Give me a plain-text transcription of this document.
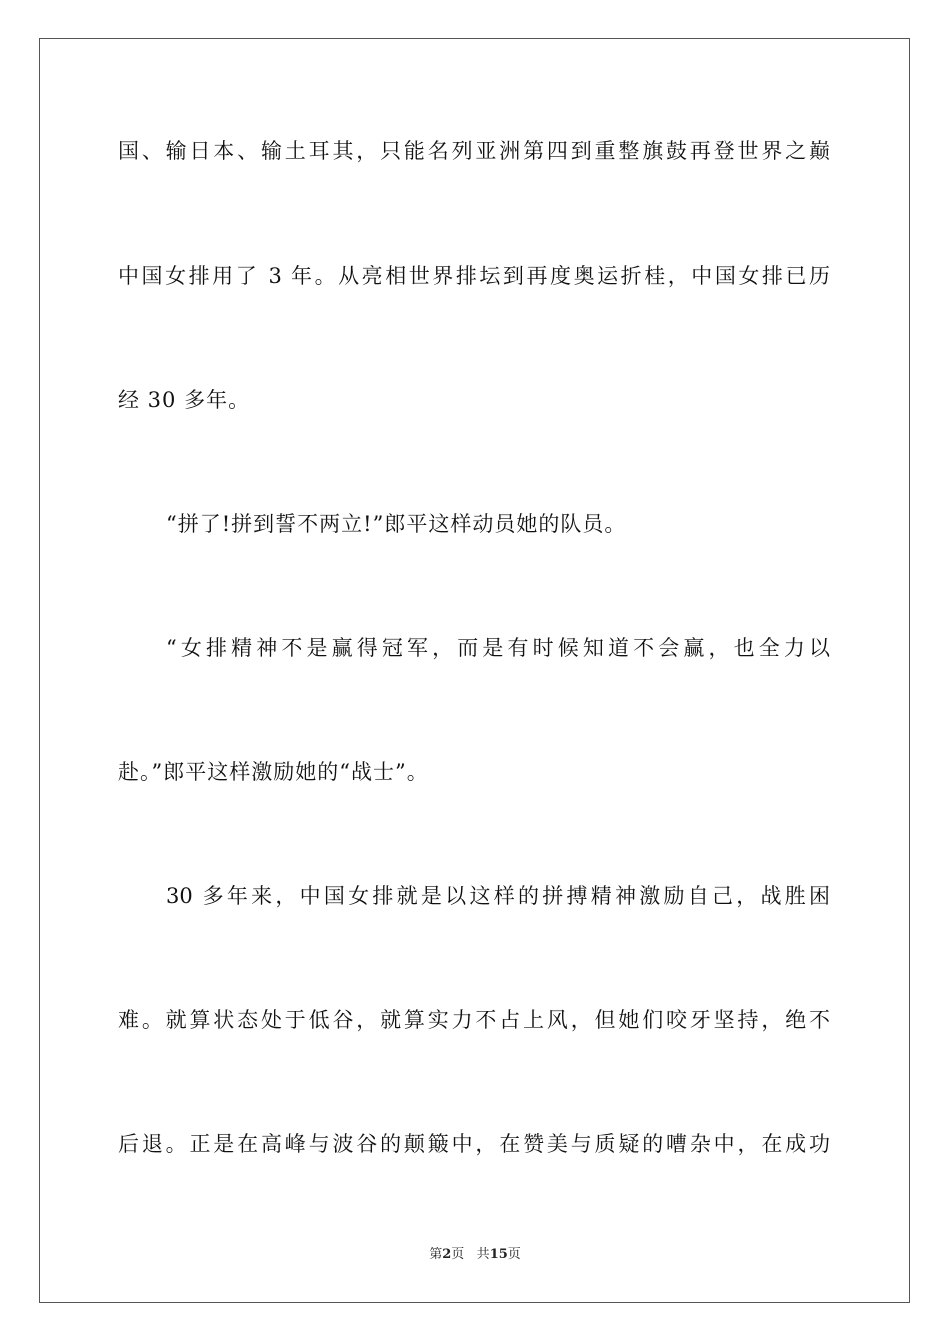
国、输日本、输土耳其，只能名列亚洲第四到重整旗鼓再登世界之巅
中国女排用了 3 年。从亮相世界排坛到再度奥运折桂，中国女排已历
经 30 多年。
“拼了!拼到誓不两立!”郎平这样动员她的队员。
“女排精神不是赢得冠军，而是有时候知道不会赢，也全力以
赴。”郎平这样激励她的“战士”。
30 多年来，中国女排就是以这样的拼搏精神激励自己，战胜困
难。就算状态处于低谷，就算实力不占上风，但她们咬牙坚持，绝不
后退。正是在高峰与波谷的颠簸中，在赞美与质疑的嘈杂中，在成功
第2页 共15页
